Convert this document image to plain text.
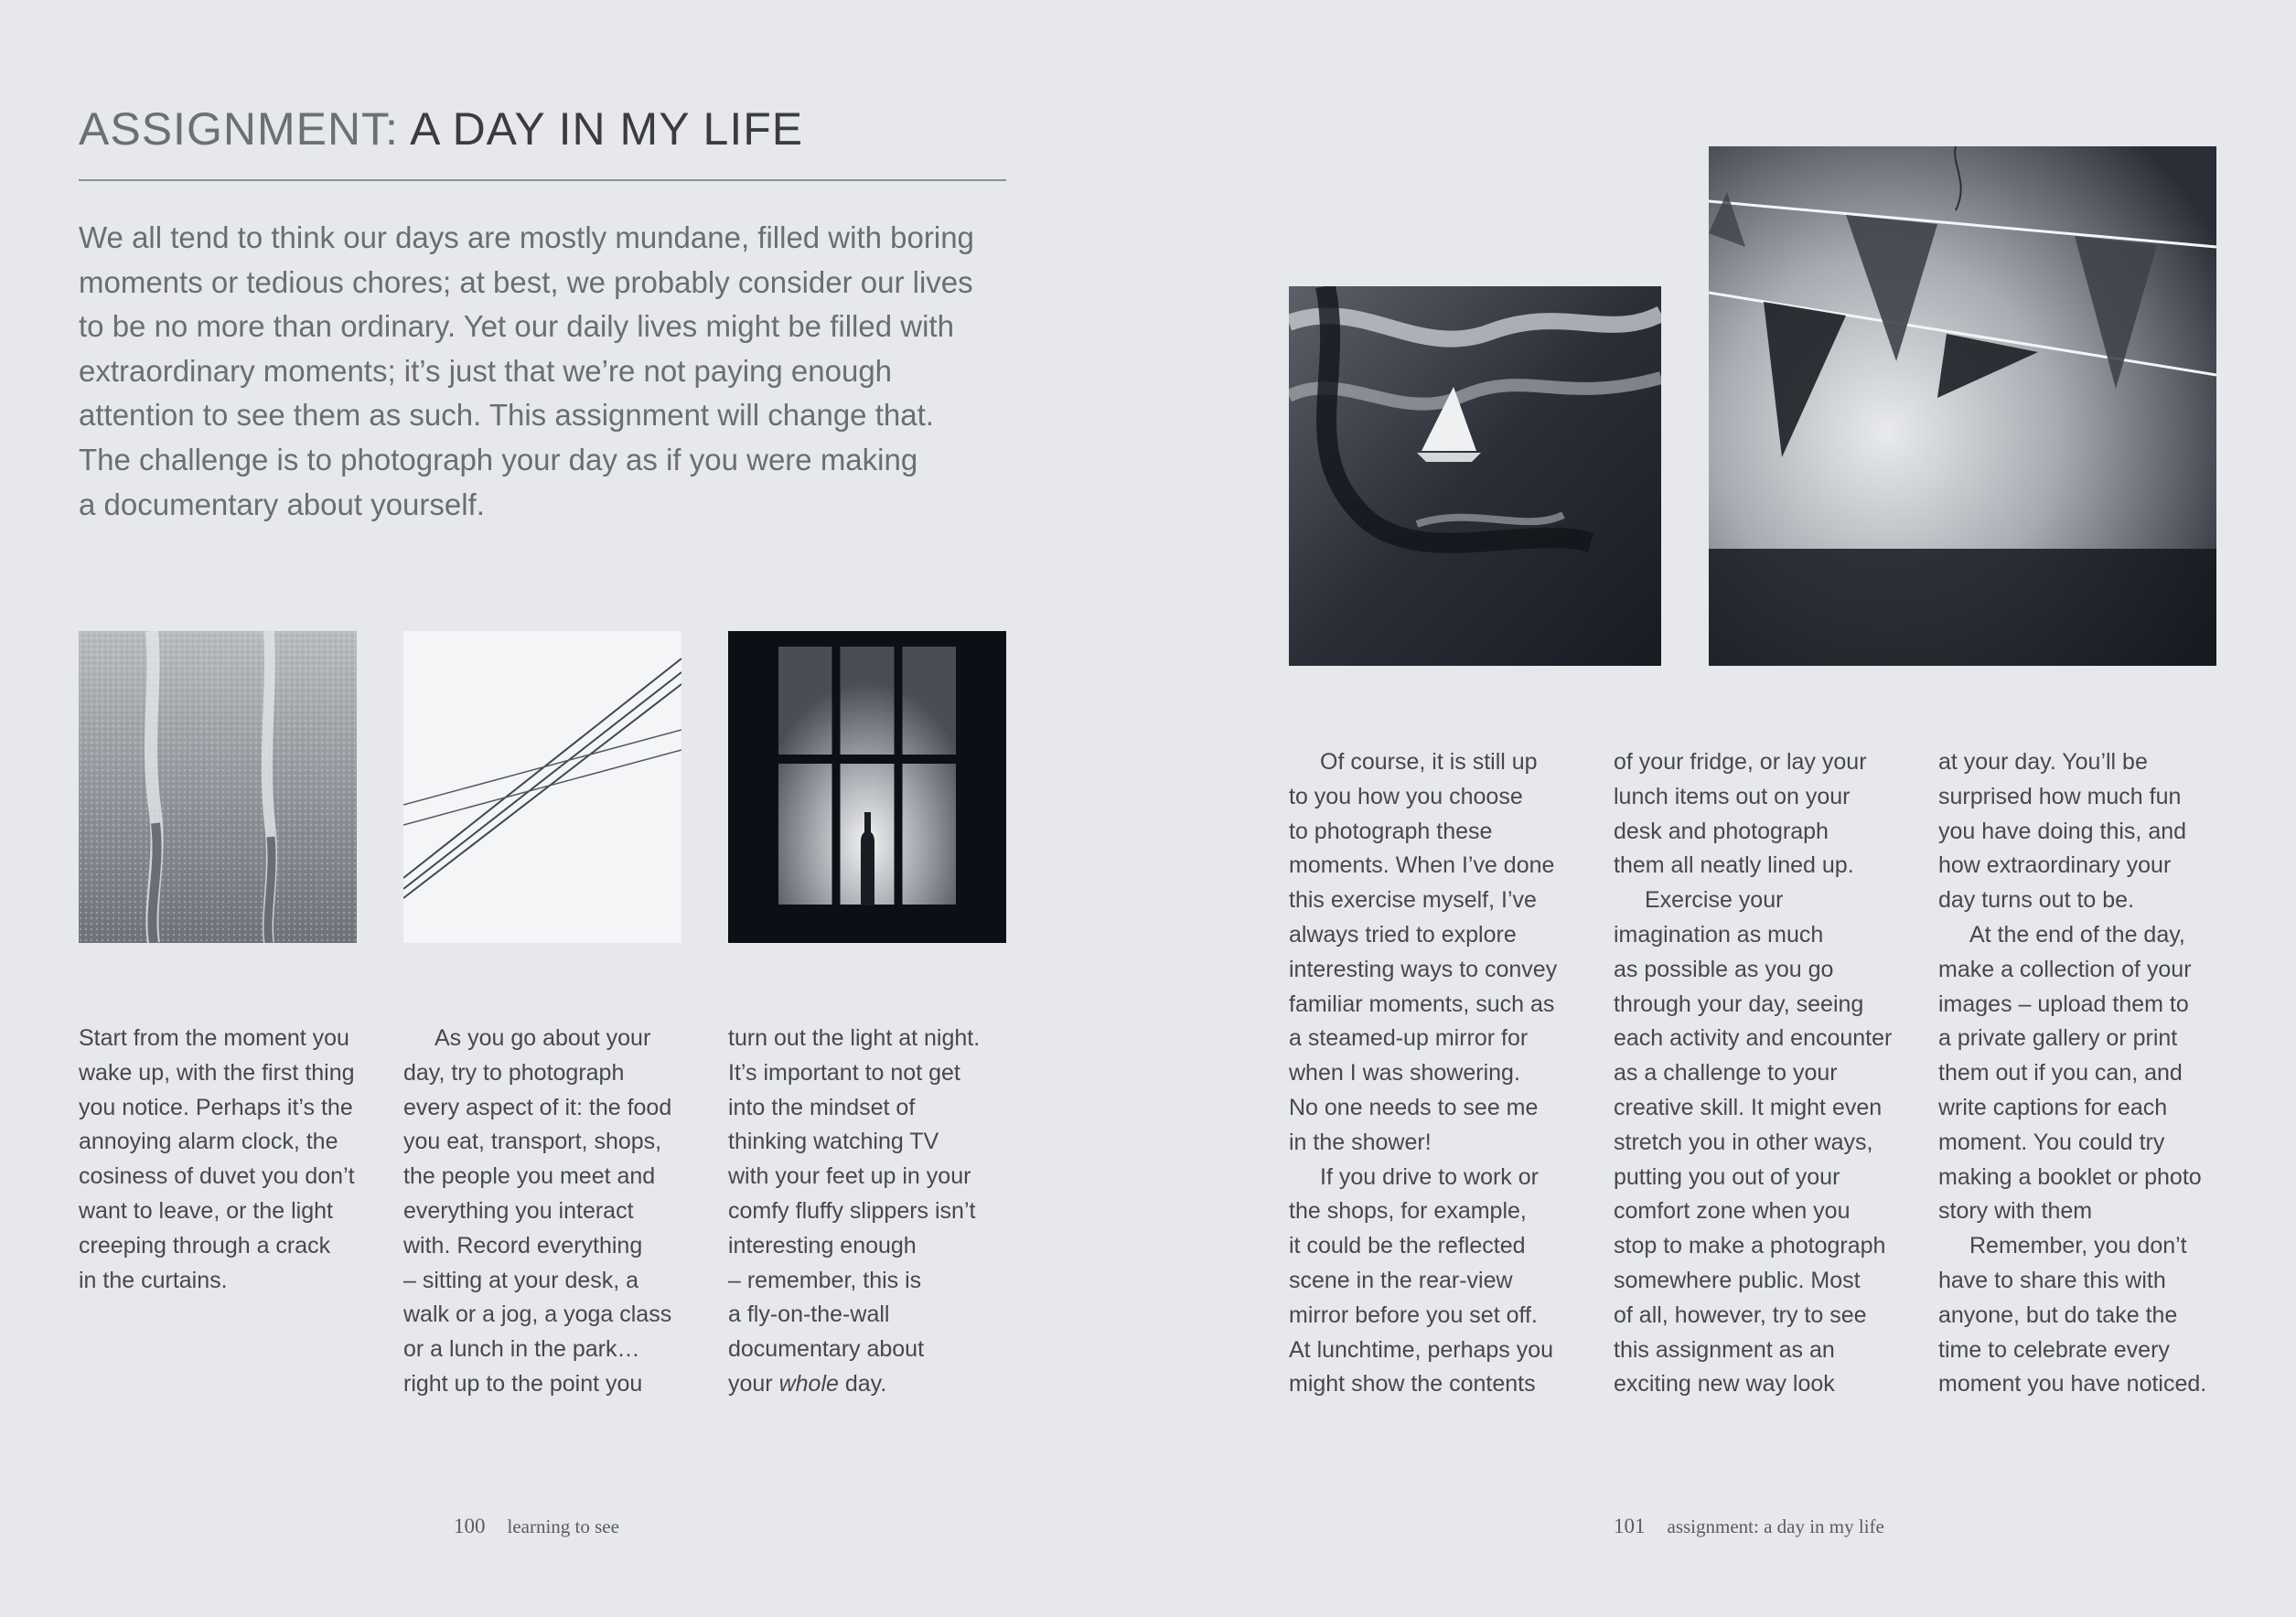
ASSIGNMENT: A DAY IN MY LIFE
We all tend to think our days are mostly mundane, filled with boring
moments or tedious chores; at best, we probably consider our lives
to be no more than ordinary. Yet our daily lives might be filled with
extraordinary moments; it’s just that we’re not paying enough
attention to see them as such. This assignment will change that.
The challenge is to photograph your day as if you were making
a documentary about yourself.
Start from the moment you
wake up, with the first thing
you notice. Perhaps it’s the
annoying alarm clock, the
cosiness of duvet you don’t
want to leave, or the light
creeping through a crack
in the curtains.
As you go about your
day, try to photograph
every aspect of it: the food
you eat, transport, shops,
the people you meet and
everything you interact
with. Record everything
– sitting at your desk, a
walk or a jog, a yoga class
or a lunch in the park…
right up to the point you
turn out the light at night.
It’s important to not get
into the mindset of
thinking watching TV
with your feet up in your
comfy fluffy slippers isn’t
interesting enough
– remember, this is
a fly-on-the-wall
documentary about
your whole day.
100 learning to see
Of course, it is still up
to you how you choose
to photograph these
moments. When I’ve done
this exercise myself, I’ve
always tried to explore
interesting ways to convey
familiar moments, such as
a steamed-up mirror for
when I was showering.
No one needs to see me
in the shower!
If you drive to work or
the shops, for example,
it could be the reflected
scene in the rear-view
mirror before you set off.
At lunchtime, perhaps you
might show the contents
of your fridge, or lay your
lunch items out on your
desk and photograph
them all neatly lined up.
Exercise your
imagination as much
as possible as you go
through your day, seeing
each activity and encounter
as a challenge to your
creative skill. It might even
stretch you in other ways,
putting you out of your
comfort zone when you
stop to make a photograph
somewhere public. Most
of all, however, try to see
this assignment as an
exciting new way look
at your day. You’ll be
surprised how much fun
you have doing this, and
how extraordinary your
day turns out to be.
At the end of the day,
make a collection of your
images – upload them to
a private gallery or print
them out if you can, and
write captions for each
moment. You could try
making a booklet or photo
story with them
Remember, you don’t
have to share this with
anyone, but do take the
time to celebrate every
moment you have noticed.
101 assignment: a day in my life
